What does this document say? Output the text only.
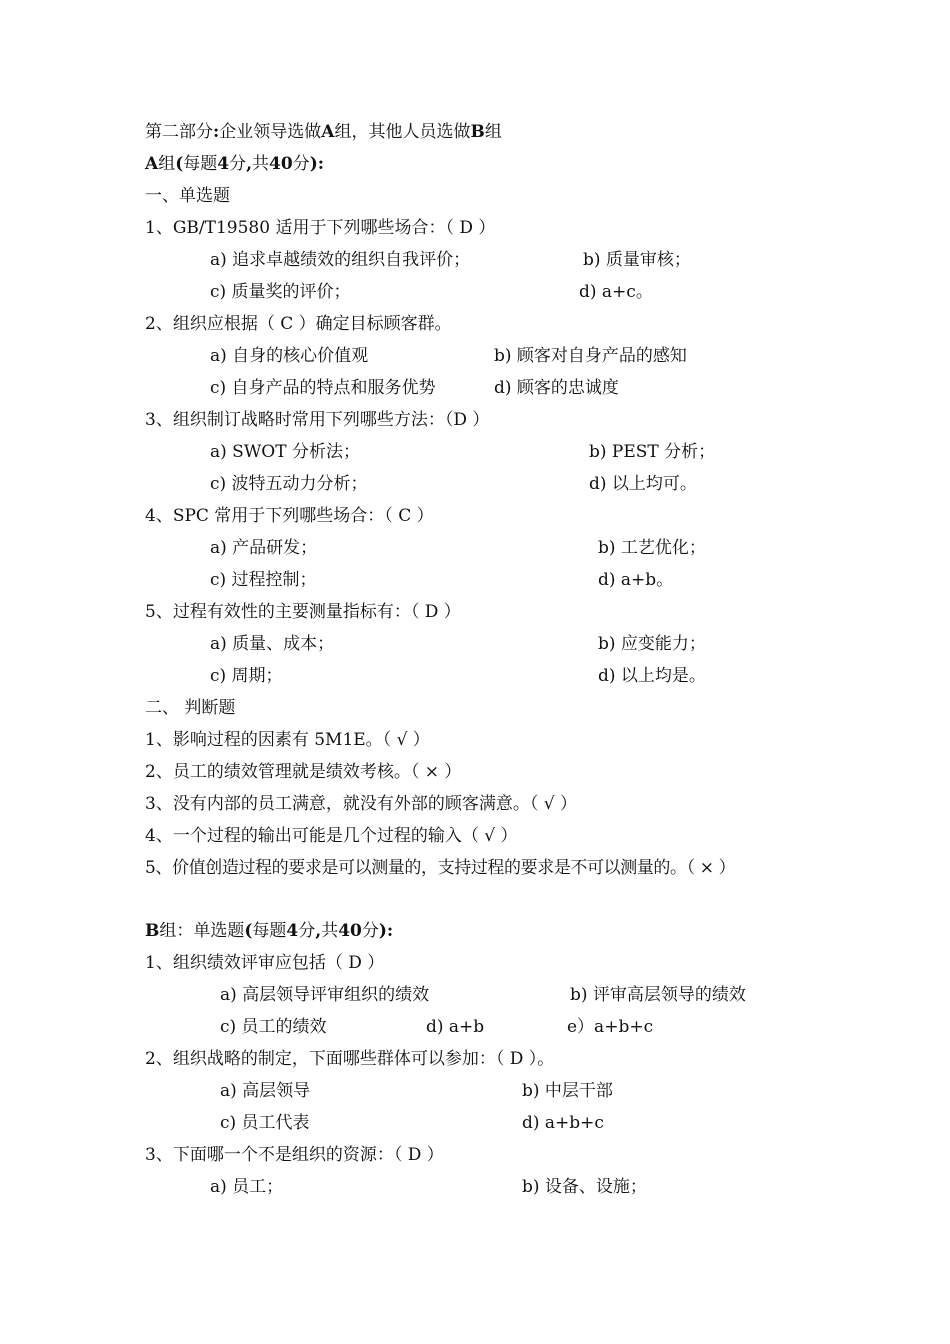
第二部分:企业领导选做A组，其他人员选做B组
A组(每题4分,共40分):
一、单选题
1、GB/T19580 适用于下列哪些场合：（ D ）
a) 追求卓越绩效的组织自我评价；	b) 质量审核；
c) 质量奖的评价；	d) a+c。
2、组织应根据（ C ）确定目标顾客群。
a) 自身的核心价值观	b) 顾客对自身产品的感知
c) 自身产品的特点和服务优势	d) 顾客的忠诚度
3、组织制订战略时常用下列哪些方法：（D ）
a) SWOT 分析法；	b) PEST 分析；
c) 波特五动力分析；	d) 以上均可。
4、SPC 常用于下列哪些场合：（ C ）
a) 产品研发；	b) 工艺优化；
c) 过程控制；	d) a+b。
5、过程有效性的主要测量指标有：（ D ）
a) 质量、成本；	b) 应变能力；
c) 周期；	d) 以上均是。
二、 判断题
1、影响过程的因素有 5M1E。（ √ ）
2、员工的绩效管理就是绩效考核。（ × ）
3、没有内部的员工满意，就没有外部的顾客满意。（ √ ）
4、一个过程的输出可能是几个过程的输入（ √ ）
5、价值创造过程的要求是可以测量的，支持过程的要求是不可以测量的。（ × ）
B组：单选题(每题4分,共40分):
1、组织绩效评审应包括（ D ）
a) 高层领导评审组织的绩效	b) 评审高层领导的绩效
c) 员工的绩效	d) a+b	e）a+b+c
2、组织战略的制定，下面哪些群体可以参加：（ D ）。
a) 高层领导	b) 中层干部
c) 员工代表	d) a+b+c
3、下面哪一个不是组织的资源：（ D ）
a) 员工；	b) 设备、设施；
